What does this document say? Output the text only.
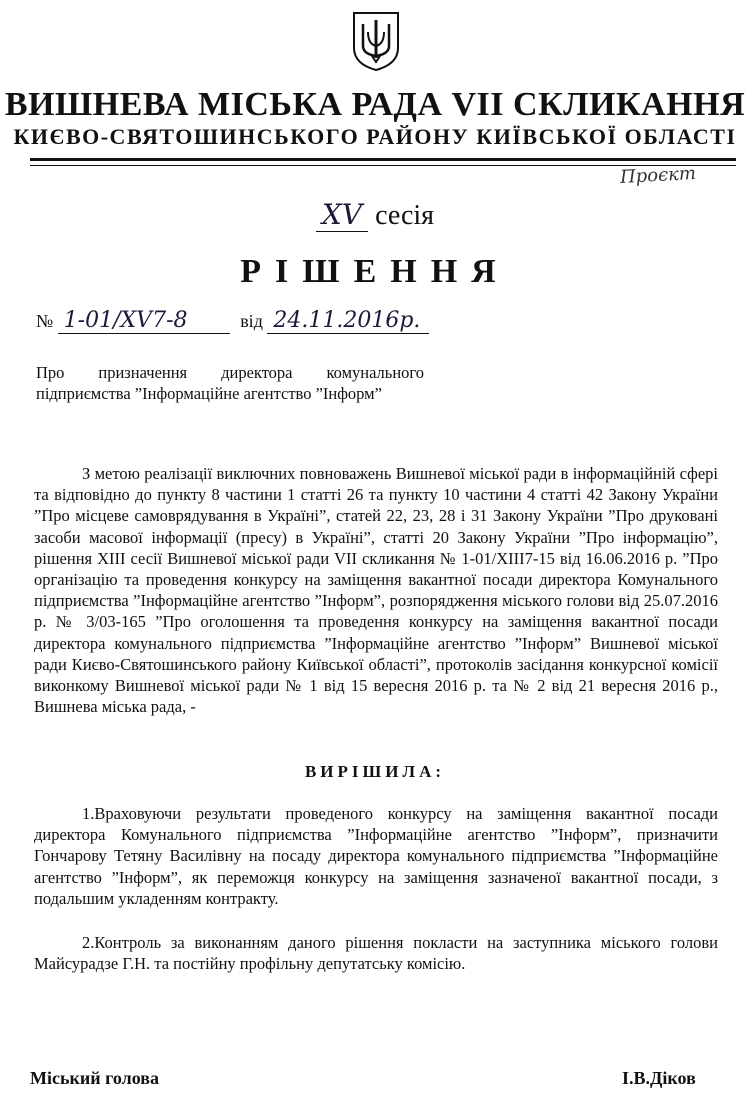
ВИШНЕВА МІСЬКА РАДА VII СКЛИКАННЯ
КИЄВО-СВЯТОШИНСЬКОГО РАЙОНУ КИЇВСЬКОЇ ОБЛАСТІ
Проєкт
XV сесія
РІШЕННЯ
№ 1-01/XV7-8	від 24.11.2016р.
Про призначення директора комунального підприємства ”Інформаційне агентство ”Інформ”
З метою реалізації виключних повноважень Вишневої міської ради в інформаційній сфері та відповідно до пункту 8 частини 1 статті 26 та пункту 10 частини 4 статті 42 Закону України ”Про місцеве самоврядування в Україні”, статей 22, 23, 28 і 31 Закону України ”Про друковані засоби масової інформації (пресу) в Україні”, статті 20 Закону України ”Про інформацію”, рішення XIII сесії Вишневої міської ради VII скликання № 1-01/XIII7-15 від 16.06.2016 р. ”Про організацію та проведення конкурсу на заміщення вакантної посади директора Комунального підприємства ”Інформаційне агентство ”Інформ”, розпорядження міського голови від 25.07.2016 р. № 3/03-165 ”Про оголошення та проведення конкурсу на заміщення вакантної посади директора комунального підприємства ”Інформаційне агентство ”Інформ” Вишневої міської ради Києво-Святошинського району Київської області”, протоколів засідання конкурсної комісії виконкому Вишневої міської ради № 1 від 15 вересня 2016 р. та № 2 від 21 вересня 2016 р., Вишнева міська рада, -
ВИРІШИЛА:
1.Враховуючи результати проведеного конкурсу на заміщення вакантної посади директора Комунального підприємства ”Інформаційне агентство ”Інформ”, призначити Гончарову Тетяну Василівну на посаду директора комунального підприємства ”Інформаційне агентство ”Інформ”, як переможця конкурсу на заміщення зазначеної вакантної посади, з подальшим укладенням контракту.
2.Контроль за виконанням даного рішення покласти на заступника міського голови Майсурадзе Г.Н. та постійну профільну депутатську комісію.
Міський голова	І.В.Діков
